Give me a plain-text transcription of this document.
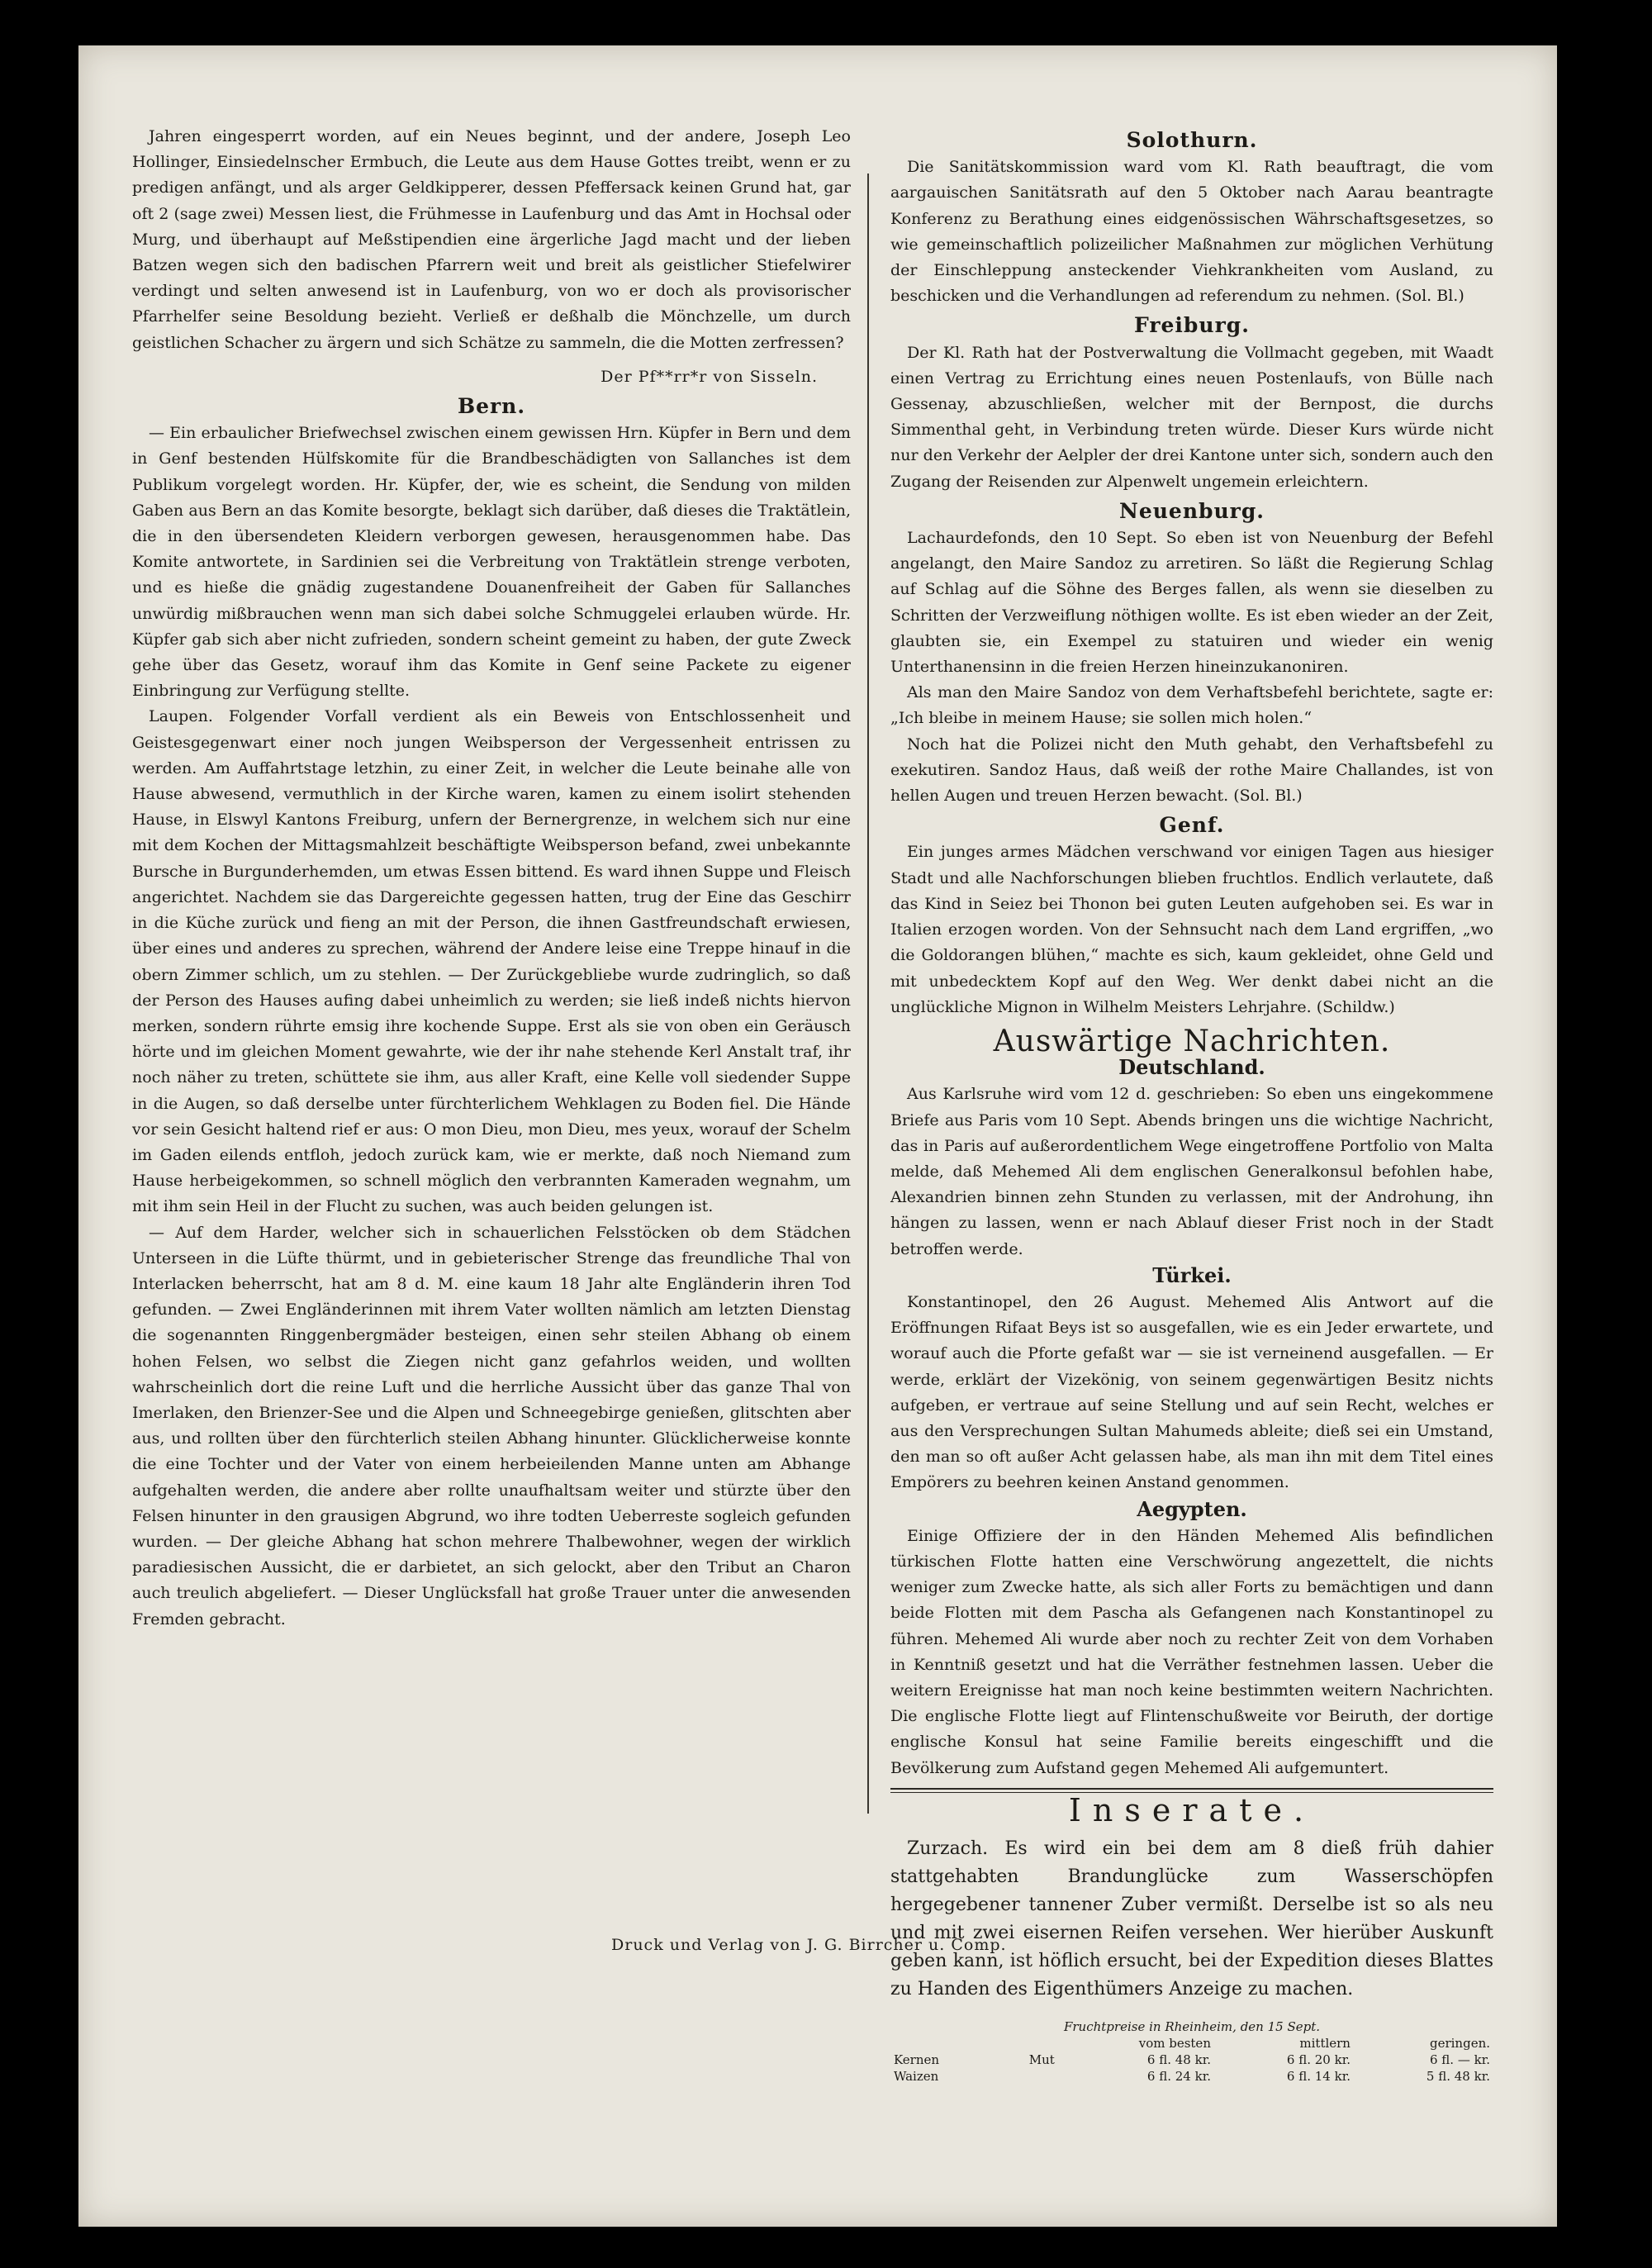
Jahren eingesperrt worden, auf ein Neues beginnt, und der andere, Joseph Leo Hollinger, Einsiedelnscher Ermbuch, die Leute aus dem Hause Gottes treibt, wenn er zu predigen anfängt, und als arger Geldkipperer, dessen Pfeffersack keinen Grund hat, gar oft 2 (sage zwei) Messen liest, die Frühmesse in Laufenburg und das Amt in Hochsal oder Murg, und überhaupt auf Meßstipendien eine ärgerliche Jagd macht und der lieben Batzen wegen sich den badischen Pfarrern weit und breit als geistlicher Stiefelwirer verdingt und selten anwesend ist in Laufenburg, von wo er doch als provisorischer Pfarrhelfer seine Besoldung bezieht. Verließ er deßhalb die Mönchzelle, um durch geistlichen Schacher zu ärgern und sich Schätze zu sammeln, die die Motten zerfressen?

Der Pf**rr*r von Sisseln.

Bern.

— Ein erbaulicher Briefwechsel zwischen einem gewissen Hrn. Küpfer in Bern und dem in Genf bestenden Hülfskomite für die Brandbeschädigten von Sallanches ist dem Publikum vorgelegt worden. Hr. Küpfer, der, wie es scheint, die Sendung von milden Gaben aus Bern an das Komite besorgte, beklagt sich darüber, daß dieses die Traktätlein, die in den übersendeten Kleidern verborgen gewesen, herausgenommen habe. Das Komite antwortete, in Sardinien sei die Verbreitung von Traktätlein strenge verboten, und es hieße die gnädig zugestandene Douanenfreiheit der Gaben für Sallanches unwürdig mißbrauchen wenn man sich dabei solche Schmuggelei erlauben würde. Hr. Küpfer gab sich aber nicht zufrieden, sondern scheint gemeint zu haben, der gute Zweck gehe über das Gesetz, worauf ihm das Komite in Genf seine Packete zu eigener Einbringung zur Verfügung stellte.

Laupen. Folgender Vorfall verdient als ein Beweis von Entschlossenheit und Geistesgegenwart einer noch jungen Weibsperson der Vergessenheit entrissen zu werden. Am Auffahrtstage letzhin, zu einer Zeit, in welcher die Leute beinahe alle von Hause abwesend, vermuthlich in der Kirche waren, kamen zu einem isolirt stehenden Hause, in Elswyl Kantons Freiburg, unfern der Bernergrenze, in welchem sich nur eine mit dem Kochen der Mittagsmahlzeit beschäftigte Weibsperson befand, zwei unbekannte Bursche in Burgunderhemden, um etwas Essen bittend. Es ward ihnen Suppe und Fleisch angerichtet. Nachdem sie das Dargereichte gegessen hatten, trug der Eine das Geschirr in die Küche zurück und fieng an mit der Person, die ihnen Gastfreundschaft erwiesen, über eines und anderes zu sprechen, während der Andere leise eine Treppe hinauf in die obern Zimmer schlich, um zu stehlen. — Der Zurückgebliebe wurde zudringlich, so daß der Person des Hauses aufing dabei unheimlich zu werden; sie ließ indeß nichts hiervon merken, sondern rührte emsig ihre kochende Suppe. Erst als sie von oben ein Geräusch hörte und im gleichen Moment gewahrte, wie der ihr nahe stehende Kerl Anstalt traf, ihr noch näher zu treten, schüttete sie ihm, aus aller Kraft, eine Kelle voll siedender Suppe in die Augen, so daß derselbe unter fürchterlichem Wehklagen zu Boden fiel. Die Hände vor sein Gesicht haltend rief er aus: O mon Dieu, mon Dieu, mes yeux, worauf der Schelm im Gaden eilends entfloh, jedoch zurück kam, wie er merkte, daß noch Niemand zum Hause herbeigekommen, so schnell möglich den verbrannten Kameraden wegnahm, um mit ihm sein Heil in der Flucht zu suchen, was auch beiden gelungen ist.

— Auf dem Harder, welcher sich in schauerlichen Felsstöcken ob dem Städchen Unterseen in die Lüfte thürmt, und in gebieterischer Strenge das freundliche Thal von Interlacken beherrscht, hat am 8 d. M. eine kaum 18 Jahr alte Engländerin ihren Tod gefunden. — Zwei Engländerinnen mit ihrem Vater wollten nämlich am letzten Dienstag die sogenannten Ringgenbergmäder besteigen, einen sehr steilen Abhang ob einem hohen Felsen, wo selbst die Ziegen nicht ganz gefahrlos weiden, und wollten wahrscheinlich dort die reine Luft und die herrliche Aussicht über das ganze Thal von Imerlaken, den Brienzer-See und die Alpen und Schneegebirge genießen, glitschten aber aus, und rollten über den fürchterlich steilen Abhang hinunter. Glücklicherweise konnte die eine Tochter und der Vater von einem herbeieilenden Manne unten am Abhange aufgehalten werden, die andere aber rollte unaufhaltsam weiter und stürzte über den Felsen hinunter in den grausigen Abgrund, wo ihre todten Ueberreste sogleich gefunden wurden. — Der gleiche Abhang hat schon mehrere Thalbewohner, wegen der wirklich paradiesischen Aussicht, die er darbietet, an sich gelockt, aber den Tribut an Charon auch treulich abgeliefert. — Dieser Unglücksfall hat große Trauer unter die anwesenden Fremden gebracht.

Solothurn.

Die Sanitätskommission ward vom Kl. Rath beauftragt, die vom aargauischen Sanitätsrath auf den 5 Oktober nach Aarau beantragte Konferenz zu Berathung eines eidgenössischen Währschaftsgesetzes, so wie gemeinschaftlich polizeilicher Maßnahmen zur möglichen Verhütung der Einschleppung ansteckender Viehkrankheiten vom Ausland, zu beschicken und die Verhandlungen ad referendum zu nehmen. (Sol. Bl.)

Freiburg.

Der Kl. Rath hat der Postverwaltung die Vollmacht gegeben, mit Waadt einen Vertrag zu Errichtung eines neuen Postenlaufs, von Bülle nach Gessenay, abzuschließen, welcher mit der Bernpost, die durchs Simmenthal geht, in Verbindung treten würde. Dieser Kurs würde nicht nur den Verkehr der Aelpler der drei Kantone unter sich, sondern auch den Zugang der Reisenden zur Alpenwelt ungemein erleichtern.

Neuenburg.

Lachaurdefonds, den 10 Sept. So eben ist von Neuenburg der Befehl angelangt, den Maire Sandoz zu arretiren. So läßt die Regierung Schlag auf Schlag auf die Söhne des Berges fallen, als wenn sie dieselben zu Schritten der Verzweiflung nöthigen wollte. Es ist eben wieder an der Zeit, glaubten sie, ein Exempel zu statuiren und wieder ein wenig Unterthanensinn in die freien Herzen hineinzukanoniren.

Als man den Maire Sandoz von dem Verhaftsbefehl berichtete, sagte er: „Ich bleibe in meinem Hause; sie sollen mich holen.“

Noch hat die Polizei nicht den Muth gehabt, den Verhaftsbefehl zu exekutiren. Sandoz Haus, daß weiß der rothe Maire Challandes, ist von hellen Augen und treuen Herzen bewacht. (Sol. Bl.)

Genf.

Ein junges armes Mädchen verschwand vor einigen Tagen aus hiesiger Stadt und alle Nachforschungen blieben fruchtlos. Endlich verlautete, daß das Kind in Seiez bei Thonon bei guten Leuten aufgehoben sei. Es war in Italien erzogen worden. Von der Sehnsucht nach dem Land ergriffen, „wo die Goldorangen blühen,“ machte es sich, kaum gekleidet, ohne Geld und mit unbedecktem Kopf auf den Weg. Wer denkt dabei nicht an die unglückliche Mignon in Wilhelm Meisters Lehrjahre. (Schildw.)

Auswärtige Nachrichten.
Deutschland.

Aus Karlsruhe wird vom 12 d. geschrieben: So eben uns eingekommene Briefe aus Paris vom 10 Sept. Abends bringen uns die wichtige Nachricht, das in Paris auf außerordentlichem Wege eingetroffene Portfolio von Malta melde, daß Mehemed Ali dem englischen Generalkonsul befohlen habe, Alexandrien binnen zehn Stunden zu verlassen, mit der Androhung, ihn hängen zu lassen, wenn er nach Ablauf dieser Frist noch in der Stadt betroffen werde.

Türkei.

Konstantinopel, den 26 August. Mehemed Alis Antwort auf die Eröffnungen Rifaat Beys ist so ausgefallen, wie es ein Jeder erwartete, und worauf auch die Pforte gefaßt war — sie ist verneinend ausgefallen. — Er werde, erklärt der Vizekönig, von seinem gegenwärtigen Besitz nichts aufgeben, er vertraue auf seine Stellung und auf sein Recht, welches er aus den Versprechungen Sultan Mahumeds ableite; dieß sei ein Umstand, den man so oft außer Acht gelassen habe, als man ihn mit dem Titel eines Empörers zu beehren keinen Anstand genommen.

Aegypten.

Einige Offiziere der in den Händen Mehemed Alis befindlichen türkischen Flotte hatten eine Verschwörung angezettelt, die nichts weniger zum Zwecke hatte, als sich aller Forts zu bemächtigen und dann beide Flotten mit dem Pascha als Gefangenen nach Konstantinopel zu führen. Mehemed Ali wurde aber noch zu rechter Zeit von dem Vorhaben in Kenntniß gesetzt und hat die Verräther festnehmen lassen. Ueber die weitern Ereignisse hat man noch keine bestimmten weitern Nachrichten. Die englische Flotte liegt auf Flintenschußweite vor Beiruth, der dortige englische Konsul hat seine Familie bereits eingeschifft und die Bevölkerung zum Aufstand gegen Mehemed Ali aufgemuntert.

Inserate.

Zurzach. Es wird ein bei dem am 8 dieß früh dahier stattgehabten Brandunglücke zum Wasserschöpfen hergegebener tannener Zuber vermißt. Derselbe ist so als neu und mit zwei eisernen Reifen versehen. Wer hierüber Auskunft geben kann, ist höflich ersucht, bei der Expedition dieses Blattes zu Handen des Eigenthümers Anzeige zu machen.

Fruchtpreise in Rheinheim, den 15 Sept.
		vom besten	mittlern	geringen.
Kernen	Mut	6 fl. 48 kr.	6 fl. 20 kr.	6 fl. — kr.
Waizen		6 fl. 24 kr.	6 fl. 14 kr.	5 fl. 48 kr.
Druck und Verlag von J. G. Birrcher u. Comp.
